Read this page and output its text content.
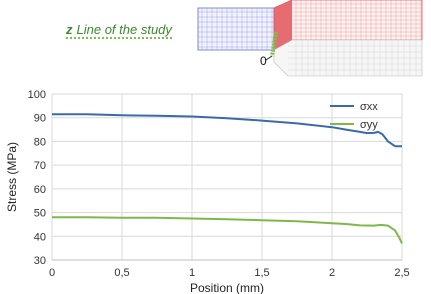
z Line of the study
0
30
40
50
60
70
80
90
100
0	0,5	1	1,5	2	2,5
Position (mm)
Stress (MPa)
σxx
σyy
